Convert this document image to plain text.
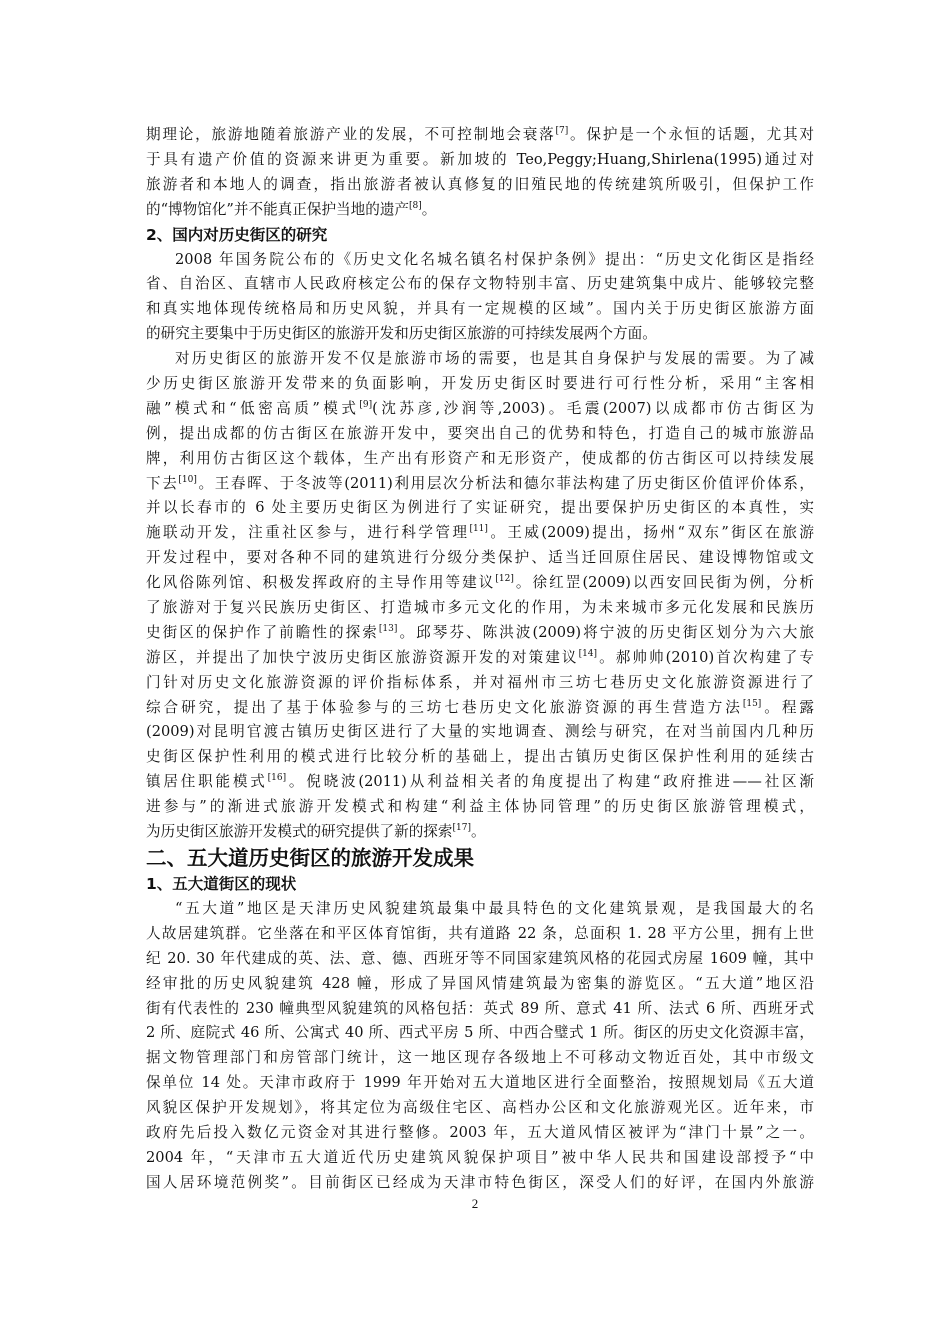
期理论，旅游地随着旅游产业的发展，不可控制地会衰落[7]。保护是一个永恒的话题，尤其对
于具有遗产价值的资源来讲更为重要。新加坡的 Teo,Peggy;Huang,Shirlena(1995)通过对
旅游者和本地人的调查，指出旅游者被认真修复的旧殖民地的传统建筑所吸引，但保护工作
的“博物馆化”并不能真正保护当地的遗产[8]。
2、国内对历史街区的研究
2008 年国务院公布的《历史文化名城名镇名村保护条例》提出：“历史文化街区是指经
省、自治区、直辖市人民政府核定公布的保存文物特别丰富、历史建筑集中成片、能够较完整
和真实地体现传统格局和历史风貌，并具有一定规模的区域”。国内关于历史街区旅游方面
的研究主要集中于历史街区的旅游开发和历史街区旅游的可持续发展两个方面。
对历史街区的旅游开发不仅是旅游市场的需要，也是其自身保护与发展的需要。为了减
少历史街区旅游开发带来的负面影响，开发历史街区时要进行可行性分析，采用“主客相
融”模式和“低密高质”模式[9](沈苏彦,沙润等,2003)。毛震(2007)以成都市仿古街区为
例，提出成都的仿古街区在旅游开发中，要突出自己的优势和特色，打造自己的城市旅游品
牌，利用仿古街区这个载体，生产出有形资产和无形资产，使成都的仿古街区可以持续发展
下去[10]。王春晖、于冬波等(2011)利用层次分析法和德尔菲法构建了历史街区价值评价体系，
并以长春市的 6 处主要历史街区为例进行了实证研究，提出要保护历史街区的本真性，实
施联动开发，注重社区参与，进行科学管理[11]。王威(2009)提出，扬州“双东”街区在旅游
开发过程中，要对各种不同的建筑进行分级分类保护、适当迁回原住居民、建设博物馆或文
化风俗陈列馆、积极发挥政府的主导作用等建议[12]。徐红罡(2009)以西安回民街为例，分析
了旅游对于复兴民族历史街区、打造城市多元文化的作用，为未来城市多元化发展和民族历
史街区的保护作了前瞻性的探索[13]。邱琴芬、陈洪波(2009)将宁波的历史街区划分为六大旅
游区，并提出了加快宁波历史街区旅游资源开发的对策建议[14]。郝帅帅(2010)首次构建了专
门针对历史文化旅游资源的评价指标体系，并对福州市三坊七巷历史文化旅游资源进行了
综合研究，提出了基于体验参与的三坊七巷历史文化旅游资源的再生营造方法[15]。程露
(2009)对昆明官渡古镇历史街区进行了大量的实地调查、测绘与研究，在对当前国内几种历
史街区保护性利用的模式进行比较分析的基础上，提出古镇历史街区保护性利用的延续古
镇居住职能模式[16]。倪晓波(2011)从利益相关者的角度提出了构建“政府推进——社区渐
进参与”的渐进式旅游开发模式和构建“利益主体协同管理”的历史街区旅游管理模式，
为历史街区旅游开发模式的研究提供了新的探索[17]。
二、五大道历史街区的旅游开发成果
1、五大道街区的现状
“五大道”地区是天津历史风貌建筑最集中最具特色的文化建筑景观，是我国最大的名
人故居建筑群。它坐落在和平区体育馆街，共有道路 22 条，总面积 1. 28 平方公里，拥有上世
纪 20. 30 年代建成的英、法、意、德、西班牙等不同国家建筑风格的花园式房屋 1609 幢，其中
经审批的历史风貌建筑 428 幢，形成了异国风情建筑最为密集的游览区。“五大道”地区沿
街有代表性的 230 幢典型风貌建筑的风格包括：英式 89 所、意式 41 所、法式 6 所、西班牙式
2 所、庭院式 46 所、公寓式 40 所、西式平房 5 所、中西合璧式 1 所。街区的历史文化资源丰富，
据文物管理部门和房管部门统计，这一地区现存各级地上不可移动文物近百处，其中市级文
保单位 14 处。天津市政府于 1999 年开始对五大道地区进行全面整治，按照规划局《五大道
风貌区保护开发规划》，将其定位为高级住宅区、高档办公区和文化旅游观光区。近年来，市
政府先后投入数亿元资金对其进行整修。2003 年，五大道风情区被评为“津门十景”之一。
2004 年，“天津市五大道近代历史建筑风貌保护项目”被中华人民共和国建设部授予“中
国人居环境范例奖”。目前街区已经成为天津市特色街区，深受人们的好评，在国内外旅游
2
